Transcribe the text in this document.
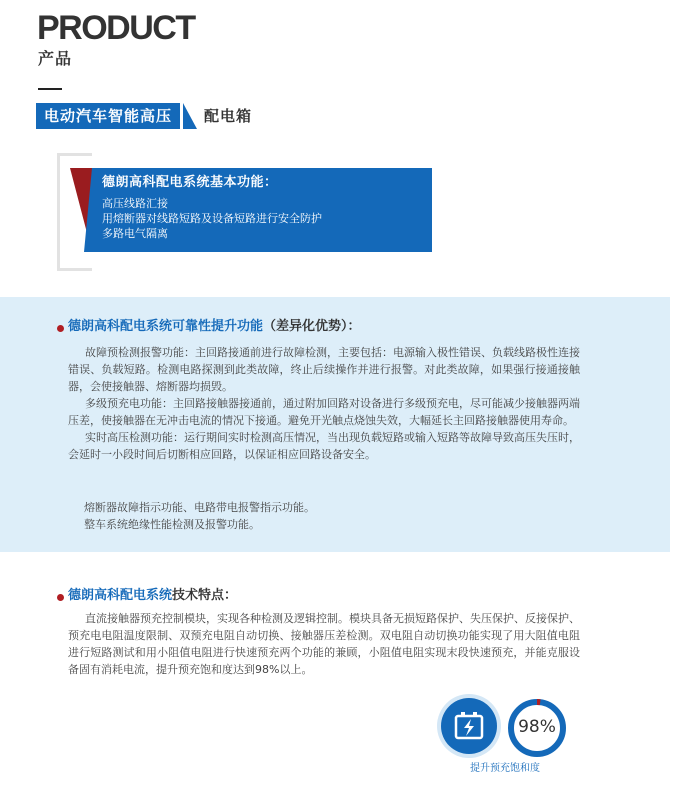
PRODUCT
产品
电动汽车智能高压	配电箱
德朗高科配电系统基本功能：
高压线路汇接
用熔断器对线路短路及设备短路进行安全防护
多路电气隔离
德朗高科配电系统可靠性提升功能（差异化优势）：

故障预检测报警功能：主回路接通前进行故障检测，主要包括：电源输入极性错误、负载线路极性连接错误、负载短路。检测电路探测到此类故障，终止后续操作并进行报警。对此类故障，如果强行接通接触器，会使接触器、熔断器均损毁。

多级预充电功能：主回路接触器接通前，通过附加回路对设备进行多级预充电，尽可能减少接触器两端压差，使接触器在无冲击电流的情况下接通。避免开光触点烧蚀失效，大幅延长主回路接触器使用寿命。

实时高压检测功能：运行期间实时检测高压情况，当出现负载短路或输入短路等故障导致高压失压时，会延时一小段时间后切断相应回路，以保证相应回路设备安全。

熔断器故障指示功能、电路带电报警指示功能。
整车系统绝缘性能检测及报警功能。
德朗高科配电系统技术特点：

直流接触器预充控制模块，实现各种检测及逻辑控制。模块具备无损短路保护、失压保护、反接保护、预充电电阻温度限制、双预充电阻自动切换、接触器压差检测。双电阻自动切换功能实现了用大阻值电阻进行短路测试和用小阻值电阻进行快速预充两个功能的兼顾，小阻值电阻实现末段快速预充，并能克服设备固有消耗电流，提升预充饱和度达到98%以上。

98%
提升预充饱和度
